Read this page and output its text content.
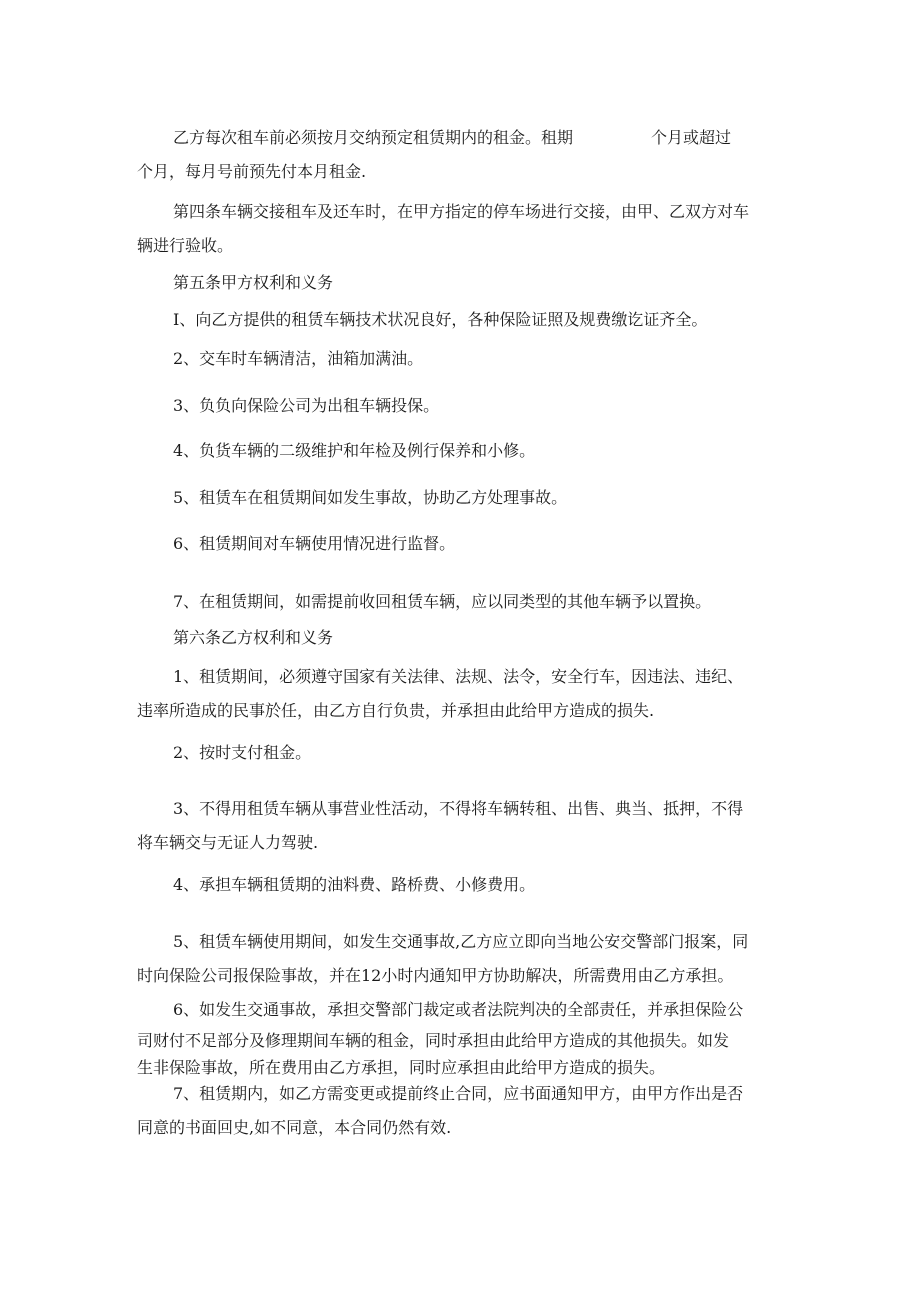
乙方每次租车前必须按月交纳预定租赁期内的租金。租期	个月或超过
个月，每月号前预先付本月租金.
第四条车辆交接租车及还车时，在甲方指定的停车场进行交接，由甲、乙双方对车
辆进行验收。
第五条甲方权利和义务
I、向乙方提供的租赁车辆技术状况良好，各种保险证照及规费缴讫证齐全。
2、交车时车辆清洁，油箱加满油。
3、负负向保险公司为出租车辆投保。
4、负货车辆的二级维护和年检及例行保养和小修。
5、租赁车在租赁期间如发生事故，协助乙方处理事故。
6、租赁期间对车辆使用情况进行监督。
7、在租赁期间，如需提前收回租赁车辆，应以同类型的其他车辆予以置换。
第六条乙方权利和义务
1、租赁期间，必须遵守国家有关法律、法规、法令，安全行车，因违法、违纪、
违率所造成的民事於任，由乙方自行负贵，并承担由此给甲方造成的损失.
2、按时支付租金。
3、不得用租赁车辆从事营业性活动，不得将车辆转租、出售、典当、抵押，不得
将车辆交与无证人力驾驶.
4、承担车辆租赁期的油料费、路桥费、小修费用。
5、租赁车辆使用期间，如发生交通事故,乙方应立即向当地公安交警部门报案，同
时向保险公司报保险事故，并在12小时内通知甲方协助解决，所需费用由乙方承担。
6、如发生交通事故，承担交警部门裁定或者法院判决的全部责任，并承担保险公
司财付不足部分及修理期间车辆的租金，同时承担由此给甲方造成的其他损失。如发
生非保险事故，所在费用由乙方承担，同时应承担由此给甲方造成的损失。
7、租赁期内，如乙方需变更或提前终止合同，应书面通知甲方，由甲方作出是否
同意的书面回史,如不同意，本合同仍然有效.
